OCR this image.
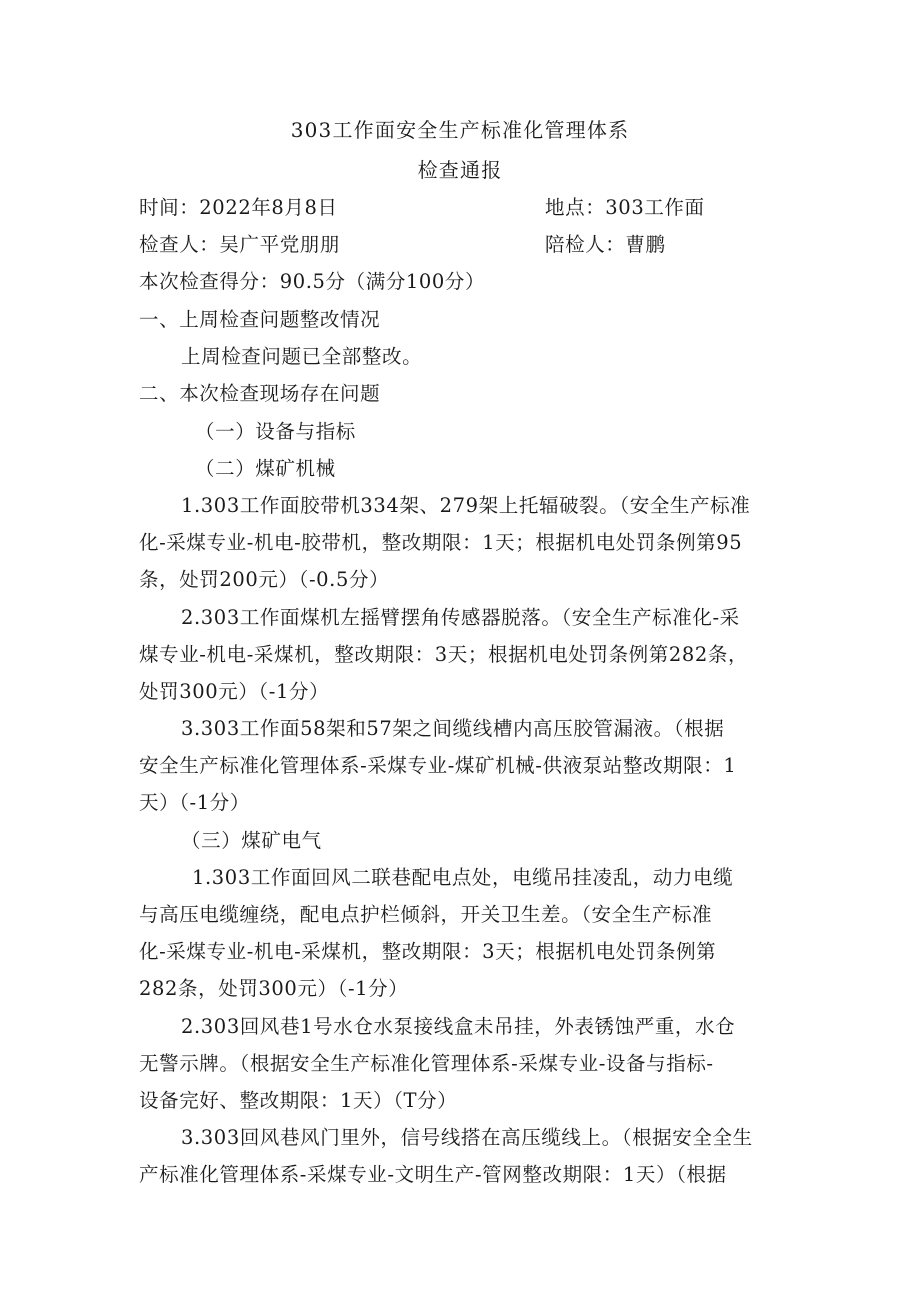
303工作面安全生产标准化管理体系
检查通报
时间：2022年8月8日	地点：303工作面
检查人：吴广平党朋朋	陪检人：曹鹏
本次检查得分：90.5分（满分100分）
一、上周检查问题整改情况
上周检查问题已全部整改。
二、本次检查现场存在问题
（一）设备与指标
（二）煤矿机械
1.303工作面胶带机334架、279架上托辐破裂。（安全生产标准
化-采煤专业-机电-胶带机，整改期限：1天；根据机电处罚条例第95
条，处罚200元）（-0.5分）
2.303工作面煤机左摇臂摆角传感器脱落。（安全生产标准化-采
煤专业-机电-采煤机，整改期限：3天；根据机电处罚条例第282条，
处罚300元）（-1分）
3.303工作面58架和57架之间缆线槽内高压胶管漏液。（根据
安全生产标准化管理体系-采煤专业-煤矿机械-供液泵站整改期限：1
天）（-1分）
（三）煤矿电气
1.303工作面回风二联巷配电点处，电缆吊挂凌乱，动力电缆
与高压电缆缠绕，配电点护栏倾斜，开关卫生差。（安全生产标准
化-采煤专业-机电-采煤机，整改期限：3天；根据机电处罚条例第
282条，处罚300元）（-1分）
2.303回风巷1号水仓水泵接线盒未吊挂，外表锈蚀严重，水仓
无警示牌。（根据安全生产标准化管理体系-采煤专业-设备与指标-
设备完好、整改期限：1天）（T分）
3.303回风巷风门里外，信号线搭在高压缆线上。（根据安全全生
产标准化管理体系-采煤专业-文明生产-管网整改期限：1天）（根据
